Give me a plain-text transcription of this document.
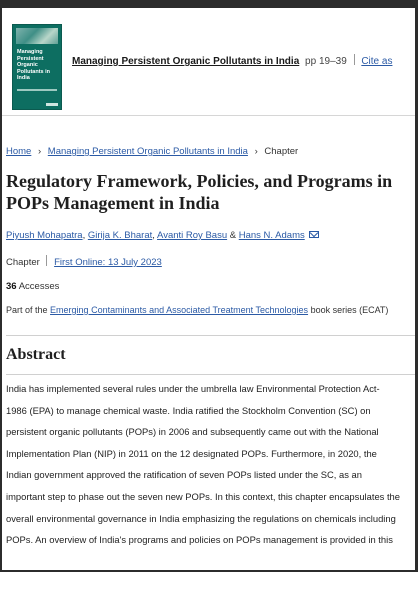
Managing Persistent Organic Pollutants in India
Managing Persistent Organic Pollutants in India pp 19–39 Cite as
Home › Managing Persistent Organic Pollutants in India › Chapter
Regulatory Framework, Policies, and Programs in POPs Management in India
Piyush Mohapatra, Girija K. Bharat, Avanti Roy Basu & Hans N. Adams
Chapter First Online: 13 July 2023
36 Accesses
Part of the Emerging Contaminants and Associated Treatment Technologies book series (ECAT)
Abstract
India has implemented several rules under the umbrella law Environmental Protection Act-
1986 (EPA) to manage chemical waste. India ratified the Stockholm Convention (SC) on
persistent organic pollutants (POPs) in 2006 and subsequently came out with the National
Implementation Plan (NIP) in 2011 on the 12 designated POPs. Furthermore, in 2020, the
Indian government approved the ratification of seven POPs listed under the SC, as an
important step to phase out the seven new POPs. In this context, this chapter encapsulates the
overall environmental governance in India emphasizing the regulations on chemicals including
POPs. An overview of India's programs and policies on POPs management is provided in this
